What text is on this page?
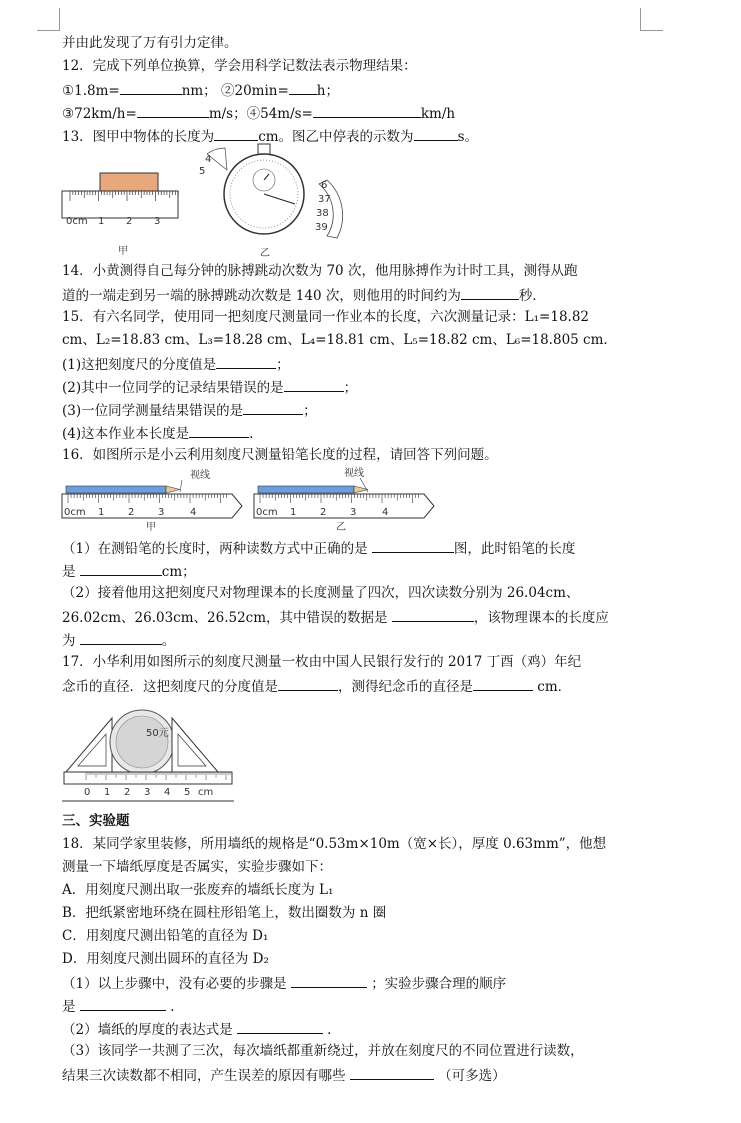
并由此发现了万有引力定律。
12．完成下列单位换算，学会用科学记数法表示物理结果：
①1.8m=	nm； ②20min= h；
③72km/h=	m/s；④54m/s=	km/h
13．图甲中物体的长度为	cm。图乙中停表的示数为	s。
0cm 1 2 3
甲
4
5
6
37
38
39
乙
14．小黄测得自己每分钟的脉搏跳动次数为 70 次，他用脉搏作为计时工具，测得从跑
道的一端走到另一端的脉搏跳动次数是 140 次，则他用的时间约为	秒．
15．有六名同学，使用同一把刻度尺测量同一作业本的长度，六次测量记录：L₁=18.82
cm、L₂=18.83 cm、L₃=18.28 cm、L₄=18.81 cm、L₅=18.82 cm、L₆=18.805 cm．
(1)这把刻度尺的分度值是	；
(2)其中一位同学的记录结果错误的是	；
(3)一位同学测量结果错误的是	；
(4)这本作业本长度是	.
16．如图所示是小云利用刻度尺测量铅笔长度的过程，请回答下列问题。
视线
0cm 1 2 3	4
甲
视线
0cm 1 2 3	4
乙
（1）在测铅笔的长度时，两种读数方式中正确的是	图，此时铅笔的长度
是	cm；
（2）接着他用这把刻度尺对物理课本的长度测量了四次，四次读数分别为 26.04cm、
26.02cm、26.03cm、26.52cm，其中错误的数据是	，该物理课本的长度应
为	。
17．小华利用如图所示的刻度尺测量一枚由中国人民银行发行的 2017 丁酉（鸡）年纪
念币的直径．这把刻度尺的分度值是	，测得纪念币的直径是	cm．
50元
0 1 2 3 4 5 cm
三、实验题
18．某同学家里装修，所用墙纸的规格是“0.53m×10m（宽×长），厚度 0.63mm”，他想
测量一下墙纸厚度是否属实，实验步骤如下：
A．用刻度尺测出取一张废弃的墙纸长度为 L₁
B．把纸紧密地环绕在圆柱形铅笔上，数出圈数为 n 圈
C．用刻度尺测出铅笔的直径为 D₁
D．用刻度尺测出圆环的直径为 D₂
（1）以上步骤中，没有必要的步骤是	；实验步骤合理的顺序
是	.
（2）墙纸的厚度的表达式是	.
（3）该同学一共测了三次，每次墙纸都重新绕过，并放在刻度尺的不同位置进行读数，
结果三次读数都不相同，产生误差的原因有哪些	（可多选）
